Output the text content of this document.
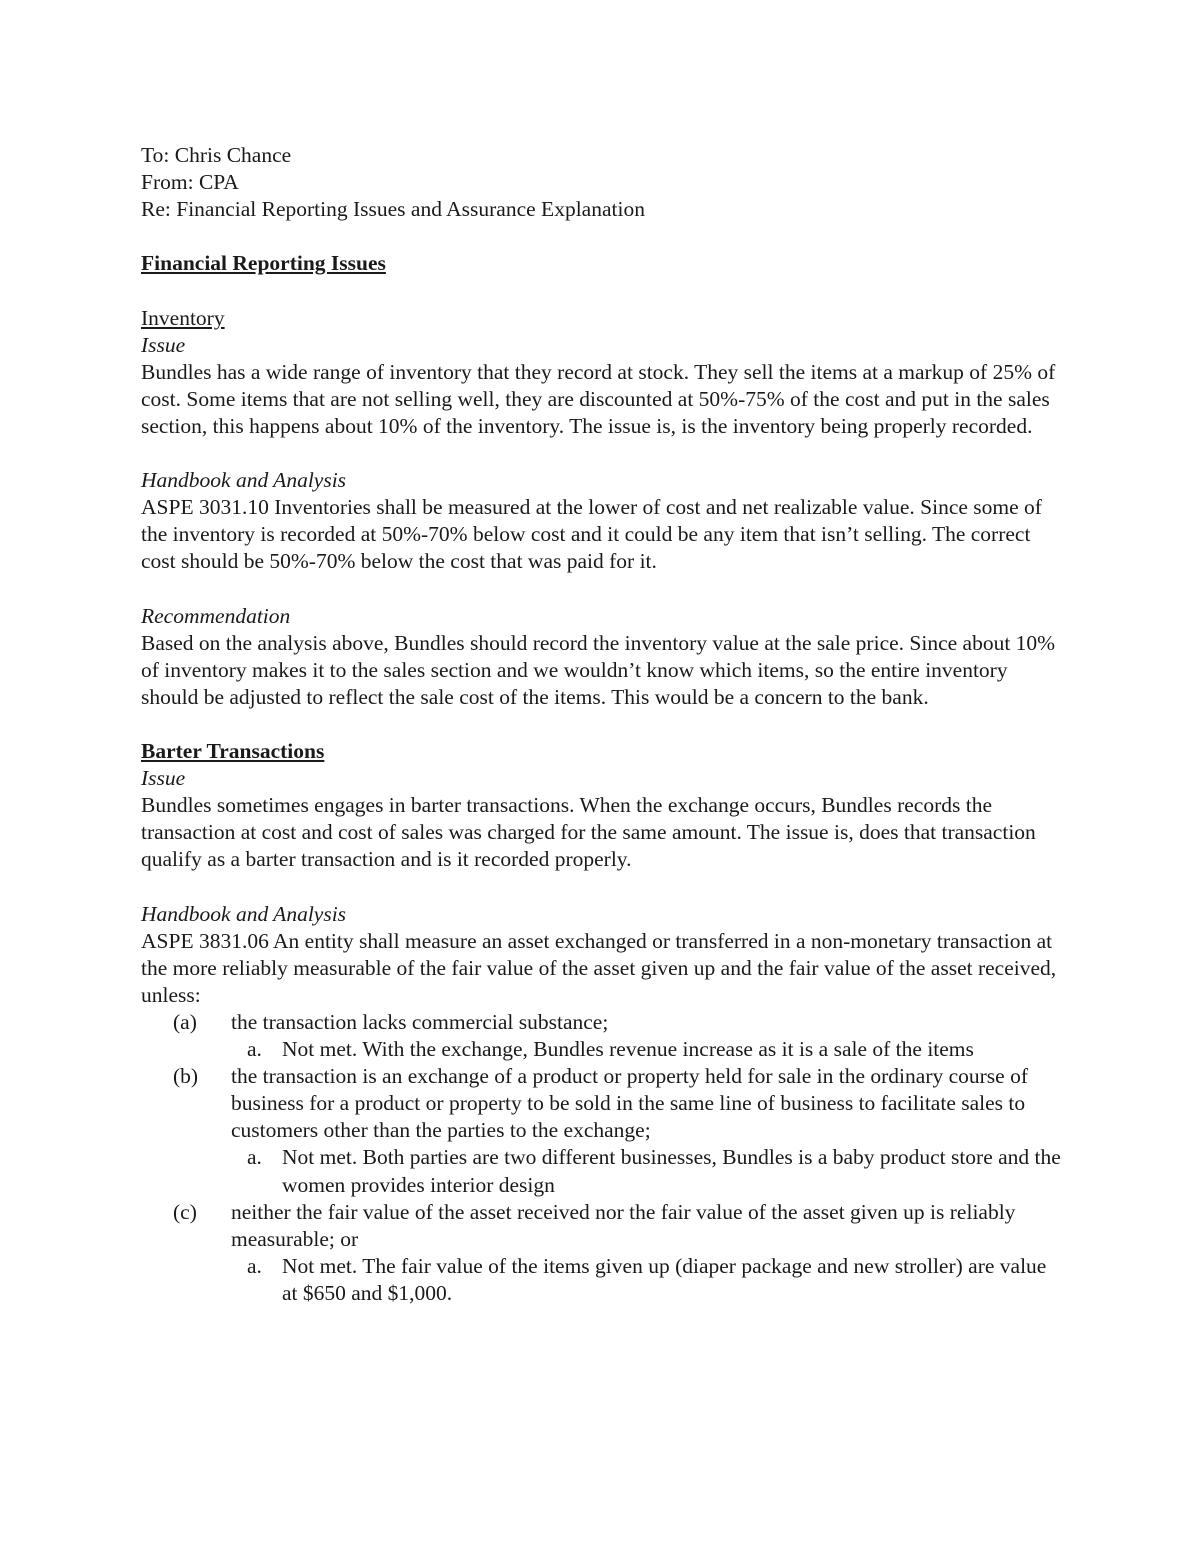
To: Chris Chance
From: CPA
Re: Financial Reporting Issues and Assurance Explanation
Financial Reporting Issues
Inventory
Issue

Bundles has a wide range of inventory that they record at stock. They sell the items at a markup of 25% of cost. Some items that are not selling well, they are discounted at 50%-75% of the cost and put in the sales section, this happens about 10% of the inventory. The issue is, is the inventory being properly recorded.

Handbook and Analysis

ASPE 3031.10 Inventories shall be measured at the lower of cost and net realizable value. Since some of the inventory is recorded at 50%-70% below cost and it could be any item that isn’t selling. The correct cost should be 50%-70% below the cost that was paid for it.

Recommendation

Based on the analysis above, Bundles should record the inventory value at the sale price. Since about 10% of inventory makes it to the sales section and we wouldn’t know which items, so the entire inventory should be adjusted to reflect the sale cost of the items. This would be a concern to the bank.

Barter Transactions
Issue

Bundles sometimes engages in barter transactions. When the exchange occurs, Bundles records the transaction at cost and cost of sales was charged for the same amount. The issue is, does that transaction qualify as a barter transaction and is it recorded properly.

Handbook and Analysis

ASPE 3831.06 An entity shall measure an asset exchanged or transferred in a non-monetary transaction at the more reliably measurable of the fair value of the asset given up and the fair value of the asset received, unless:

(a) the transaction lacks commercial substance;
a. Not met. With the exchange, Bundles revenue increase as it is a sale of the items
(b) the transaction is an exchange of a product or property held for sale in the ordinary course of business for a product or property to be sold in the same line of business to facilitate sales to customers other than the parties to the exchange;
a. Not met. Both parties are two different businesses, Bundles is a baby product store and the women provides interior design
(c) neither the fair value of the asset received nor the fair value of the asset given up is reliably measurable; or
a. Not met. The fair value of the items given up (diaper package and new stroller) are value at $650 and $1,000.
